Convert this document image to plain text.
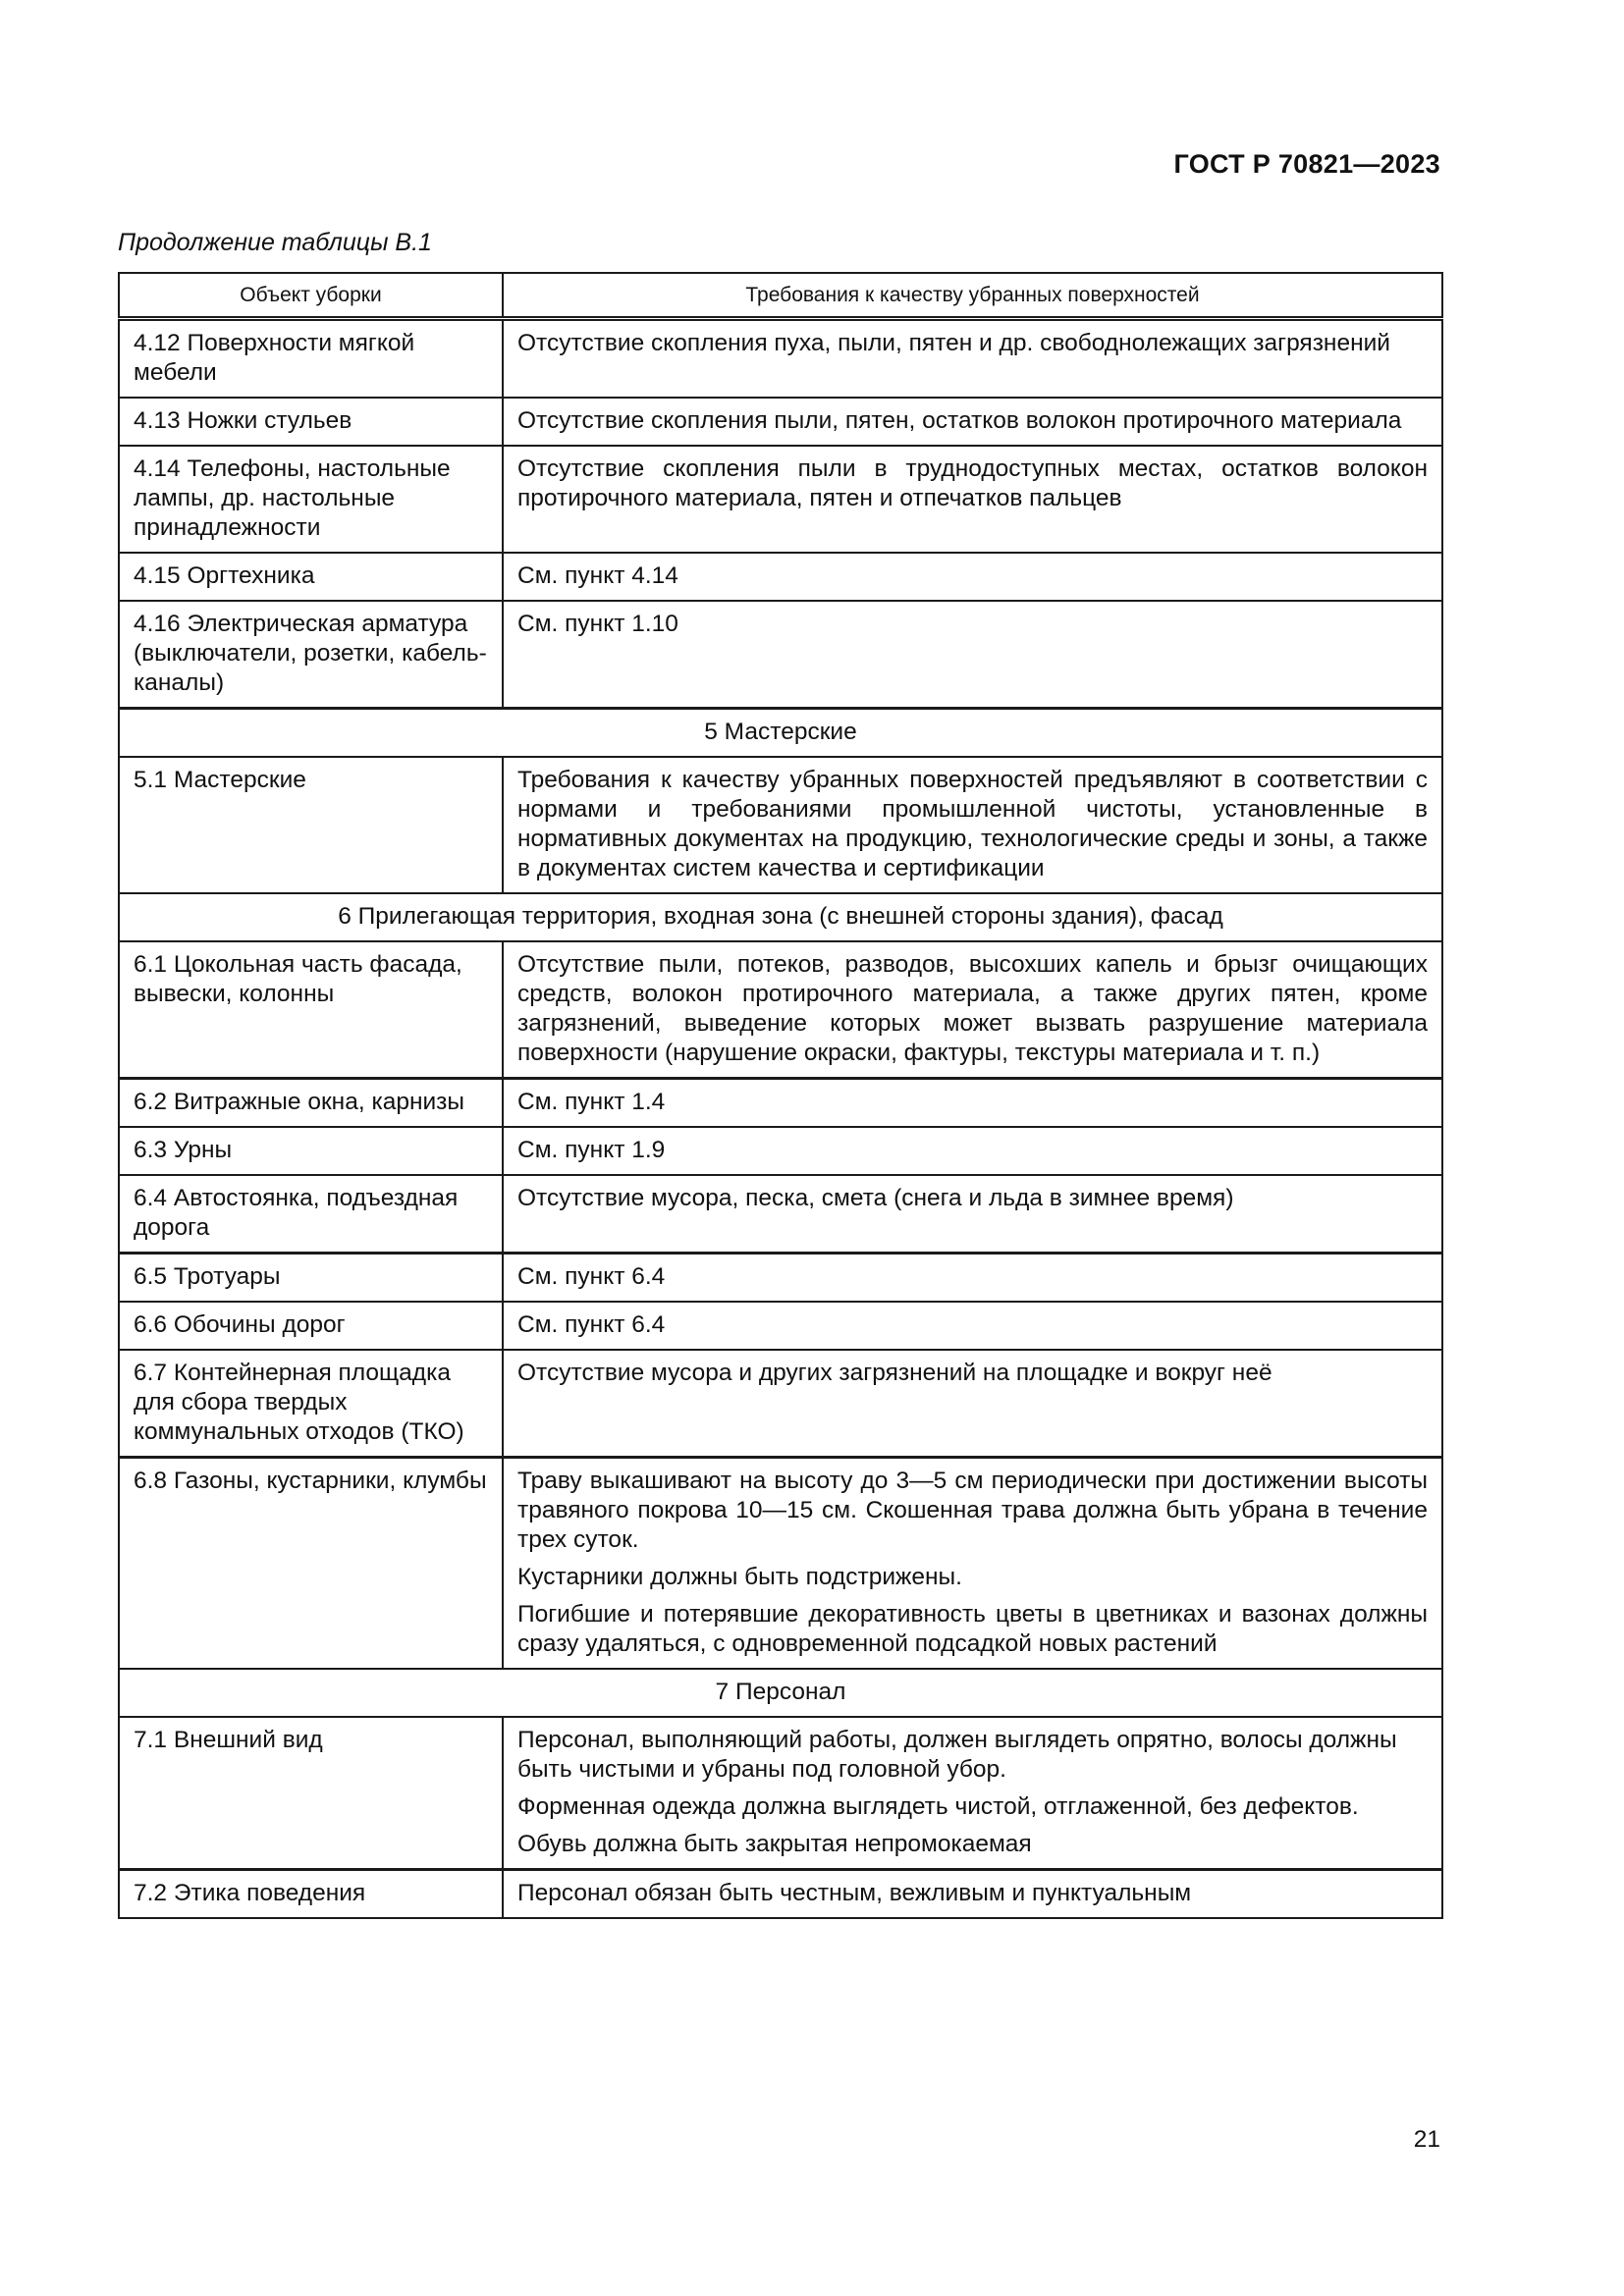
ГОСТ Р 70821—2023
Продолжение таблицы В.1
Объект уборки	Требования к качеству убранных поверхностей
4.12 Поверхности мягкой мебели	Отсутствие скопления пуха, пыли, пятен и др. свободнолежащих загрязнений
4.13 Ножки стульев	Отсутствие скопления пыли, пятен, остатков волокон протирочного материала
4.14 Телефоны, настольные лампы, др. настольные принадлежности	Отсутствие скопления пыли в труднодоступных местах, остатков волокон протирочного материала, пятен и отпечатков пальцев
4.15 Оргтехника	См. пункт 4.14
4.16 Электрическая арматура (выключатели, розетки, кабель-каналы)	См. пункт 1.10
5 Мастерские	
5.1 Мастерские	Требования к качеству убранных поверхностей предъявляют в соответствии с нормами и требованиями промышленной чистоты, установленные в нормативных документах на продукцию, технологические среды и зоны, а также в документах систем качества и сертификации
6 Прилегающая территория, входная зона (с внешней стороны здания), фасад	
6.1 Цокольная часть фасада, вывески, колонны	Отсутствие пыли, потеков, разводов, высохших капель и брызг очищающих средств, волокон протирочного материала, а также других пятен, кроме загрязнений, выведение которых может вызвать разрушение материала поверхности (нарушение окраски, фактуры, текстуры материала и т. п.)
6.2 Витражные окна, карнизы	См. пункт 1.4
6.3 Урны	См. пункт 1.9
6.4 Автостоянка, подъездная дорога	Отсутствие мусора, песка, смета (снега и льда в зимнее время)
6.5 Тротуары	См. пункт 6.4
6.6 Обочины дорог	См. пункт 6.4
6.7 Контейнерная площадка для сбора твердых коммунальных отходов (ТКО)	Отсутствие мусора и других загрязнений на площадке и вокруг неё
6.8 Газоны, кустарники, клумбы	Траву выкашивают на высоту до 3—5 см периодически при достижении высоты травяного покрова 10—15 см. Скошенная трава должна быть убрана в течение трех суток.

Кустарники должны быть подстрижены.

Погибшие и потерявшие декоративность цветы в цветниках и вазонах должны сразу удаляться, с одновременной подсадкой новых растений

7 Персонал	
7.1 Внешний вид	Персонал, выполняющий работы, должен выглядеть опрятно, волосы должны быть чистыми и убраны под головной убор.

Форменная одежда должна выглядеть чистой, отглаженной, без дефектов.

Обувь должна быть закрытая непромокаемая

7.2 Этика поведения	Персонал обязан быть честным, вежливым и пунктуальным
21
